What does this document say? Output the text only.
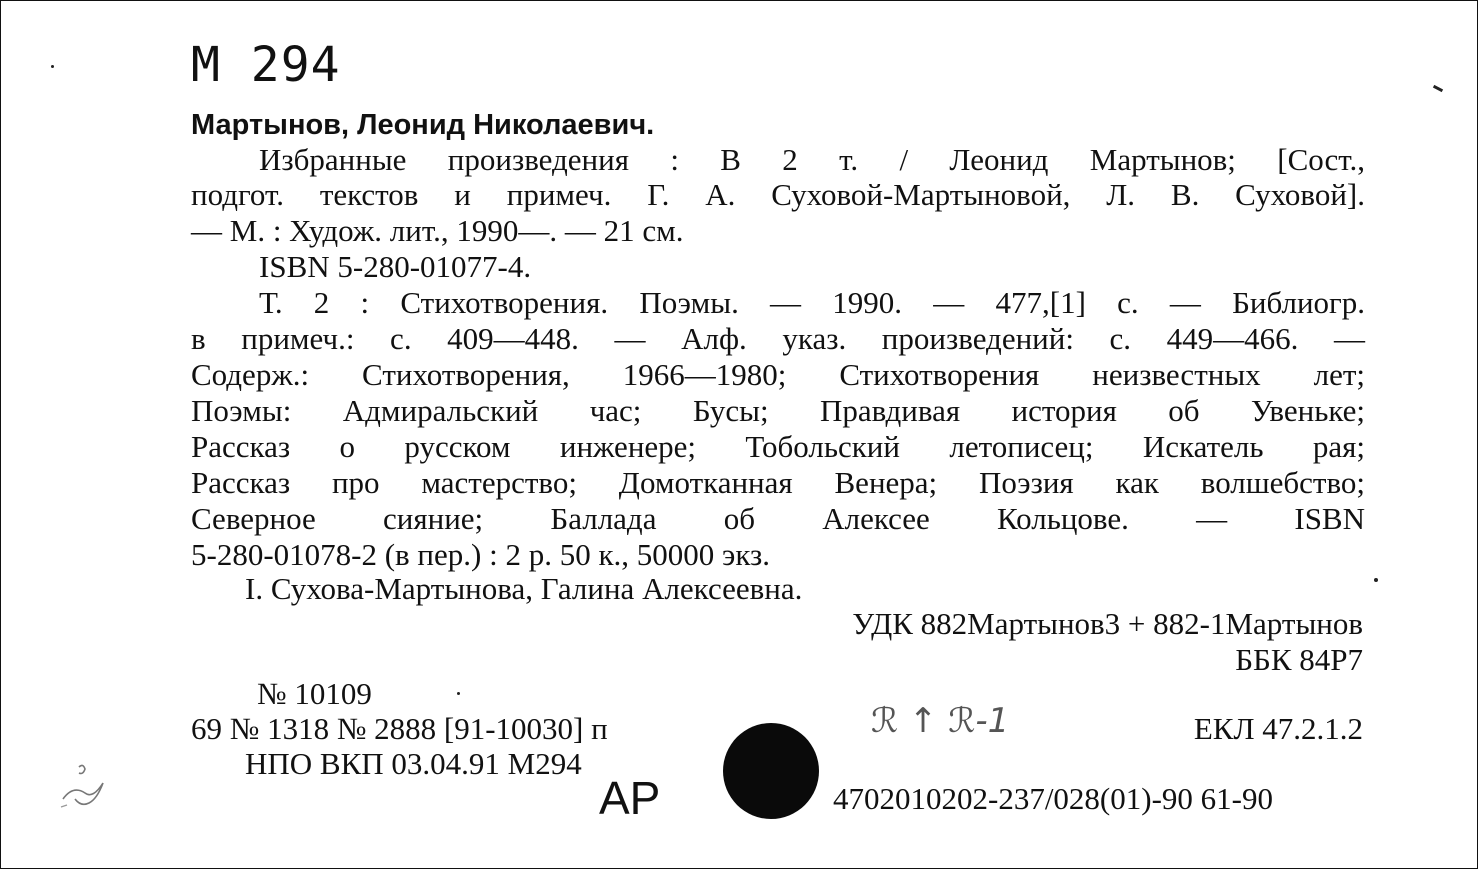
М 294
Мартынов, Леонид Николаевич.
Избранные произведения : В 2 т. / Леонид Мартынов; [Сост.,
подгот. текстов и примеч. Г. А. Суховой-Мартыновой, Л. В. Суховой].
— М. : Худож. лит., 1990—. — 21 см.
ISBN 5-280-01077-4.
Т. 2 : Стихотворения. Поэмы. — 1990. — 477,[1] с. — Библиогр.
в примеч.: с. 409—448. — Алф. указ. произведений: с. 449—466. —
Содерж.: Стихотворения, 1966—1980; Стихотворения неизвестных лет;
Поэмы: Адмиральский час; Бусы; Правдивая история об Увеньке;
Рассказ о русском инженере; Тобольский летописец; Искатель рая;
Рассказ про мастерство; Домотканная Венера; Поэзия как волшебство;
Северное сияние; Баллада об Алексее Кольцове. — ISBN
5-280-01078-2 (в пер.) : 2 р. 50 к., 50000 экз.
I. Сухова-Мартынова, Галина Алексеевна.
УДК 882Мартынов3 + 882-1Мартынов
ББК 84Р7
№ 10109
69 № 1318 № 2888 [91-10030] п
НПО ВКП 03.04.91 М294
АР
ℛ ↑ ℛ-1	ЕКЛ 47.2.1.2
4702010202-237/028(01)-90 61-90
